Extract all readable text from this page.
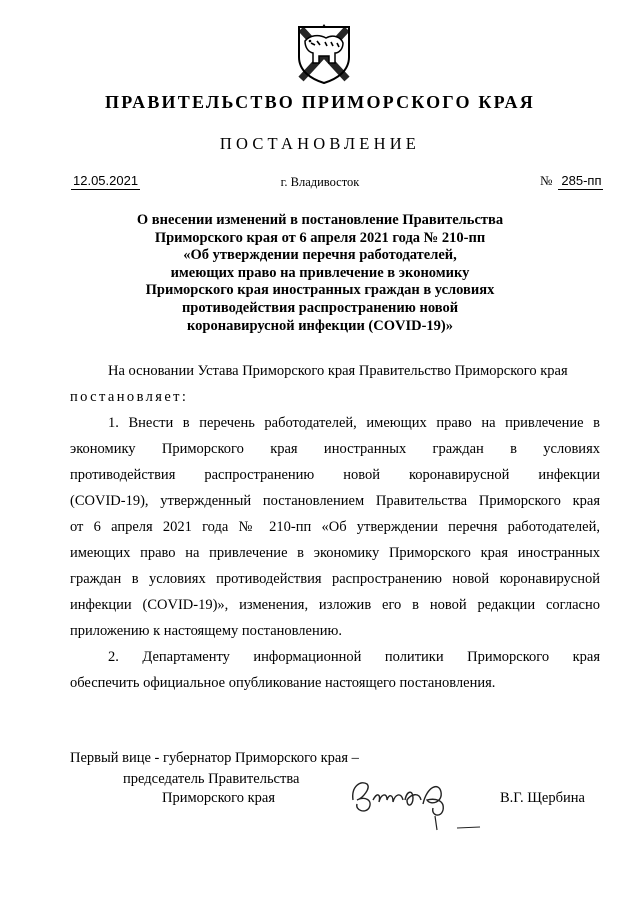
ПРАВИТЕЛЬСТВО ПРИМОРСКОГО КРАЯ
ПОСТАНОВЛЕНИЕ
12.05.2021	г. Владивосток	№ 285-пп
О внесении изменений в постановление Правительства
Приморского края от 6 апреля 2021 года № 210-пп
«Об утверждении перечня работодателей,
имеющих право на привлечение в экономику
Приморского края иностранных граждан в условиях
противодействия распространению новой
коронавирусной инфекции (COVID-19)»
На основании Устава Приморского края Правительство Приморского края
постановляет:
1. Внести в перечень работодателей, имеющих право на привлечение в
экономику Приморского края иностранных граждан в условиях
противодействия распространению новой коронавирусной инфекции
(COVID-19), утвержденный постановлением Правительства Приморского края
от 6 апреля 2021 года № 210-пп «Об утверждении перечня работодателей,
имеющих право на привлечение в экономику Приморского края иностранных
граждан в условиях противодействия распространению новой коронавирусной
инфекции (COVID-19)», изменения, изложив его в новой редакции согласно
приложению к настоящему постановлению.
2. Департаменту информационной политики Приморского края
обеспечить официальное опубликование настоящего постановления.
Первый вице - губернатор Приморского края –
председатель Правительства
Приморского края	В.Г. Щербина
